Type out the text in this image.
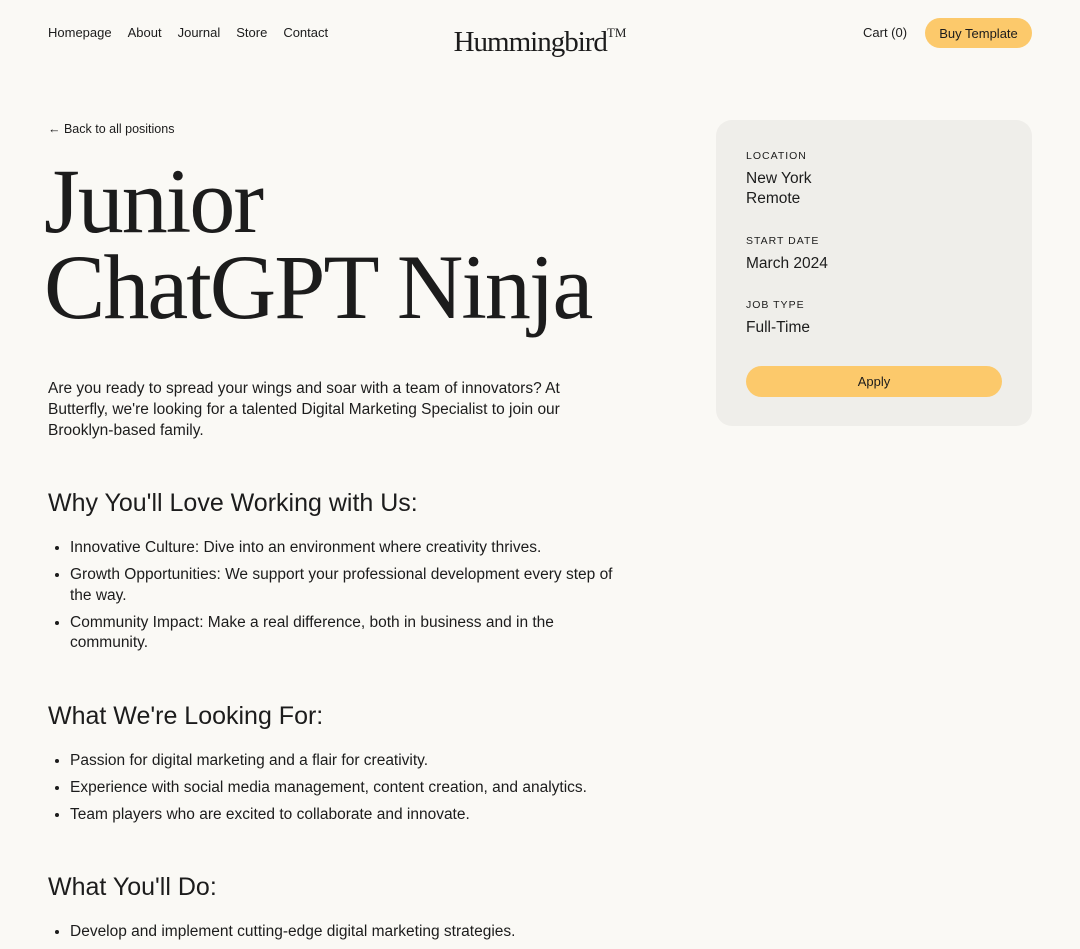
Homepage About Journal Store Contact	Hummingbird™	Cart (0)	Buy Template
← Back to all positions
Junior
ChatGPT Ninja

Are you ready to spread your wings and soar with a team of innovators? At Butterfly, we're looking for a talented Digital Marketing Specialist to join our Brooklyn-based family.

Why You'll Love Working with Us:
• Innovative Culture: Dive into an environment where creativity thrives.
• Growth Opportunities: We support your professional development every step of the way.
• Community Impact: Make a real difference, both in business and in the community.
What We're Looking For:
• Passion for digital marketing and a flair for creativity.
• Experience with social media management, content creation, and analytics.
• Team players who are excited to collaborate and innovate.
What You'll Do:
• Develop and implement cutting-edge digital marketing strategies.
LOCATION
New York
Remote
START DATE
March 2024
JOB TYPE
Full-Time
Apply
